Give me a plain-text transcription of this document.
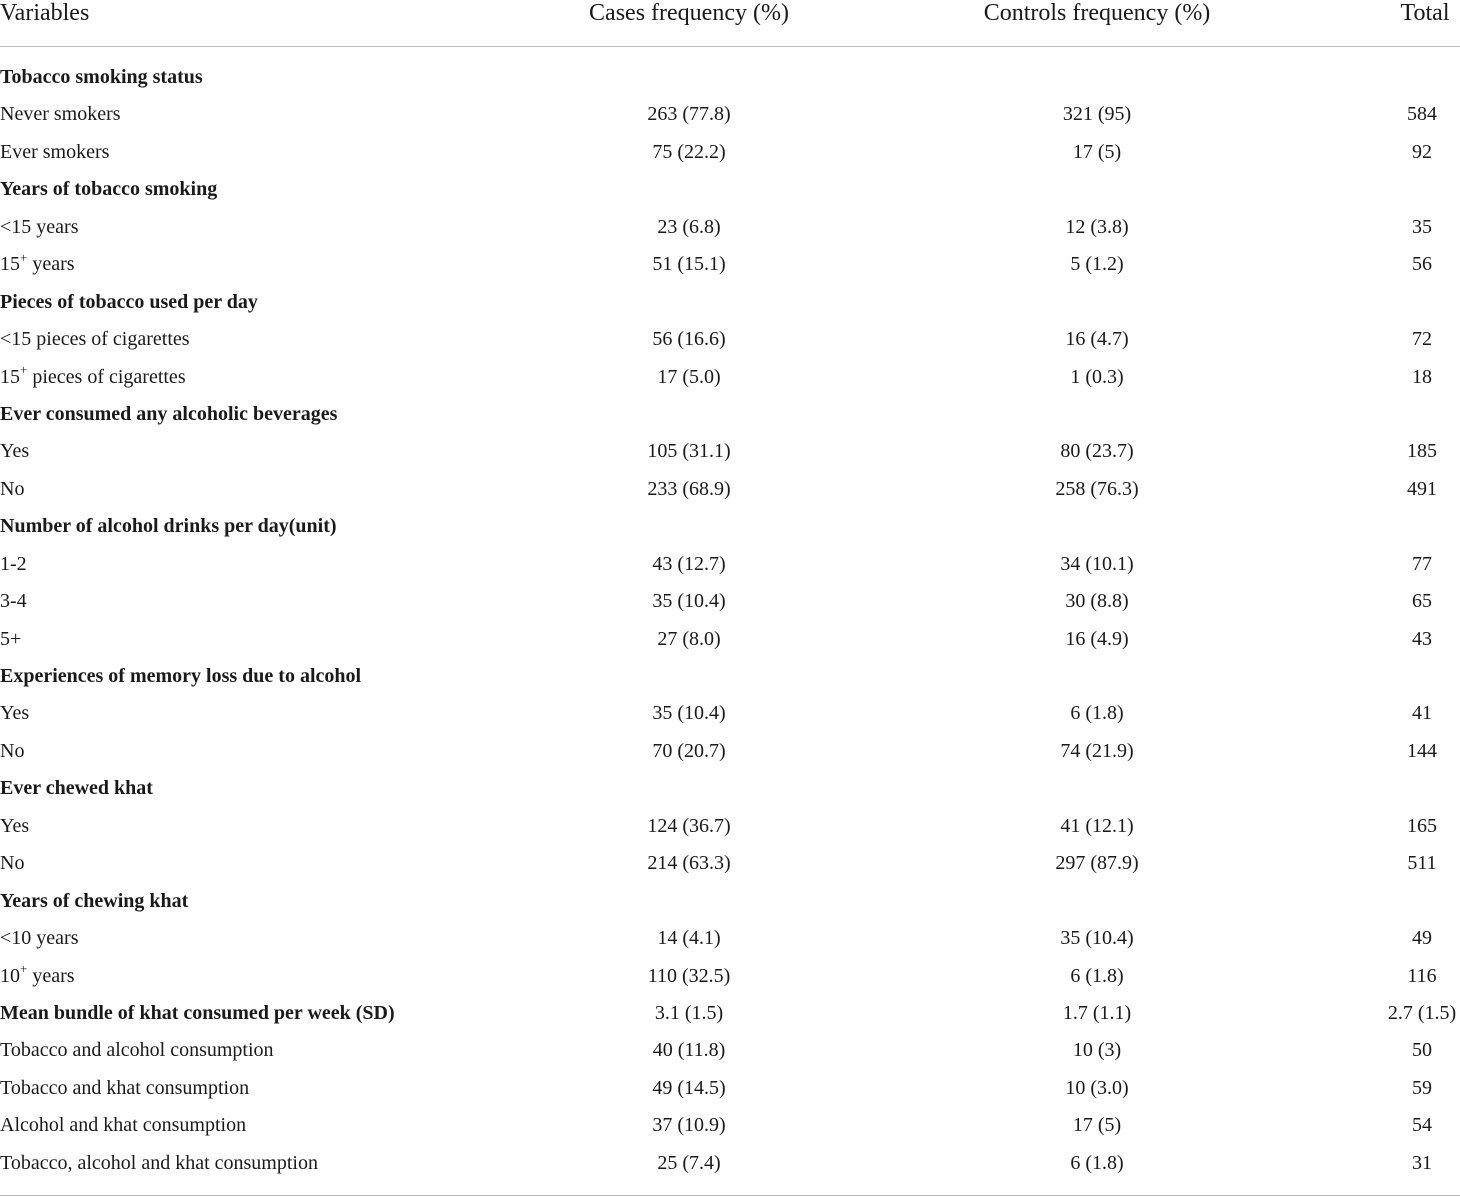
Variables	Cases frequency (%)	Controls frequency (%)	Total
Tobacco smoking status
Never smokers	263 (77.8)	321 (95)	584
Ever smokers	75 (22.2)	17 (5)	92
Years of tobacco smoking
<15 years	23 (6.8)	12 (3.8)	35
15+ years	51 (15.1)	5 (1.2)	56
Pieces of tobacco used per day
<15 pieces of cigarettes	56 (16.6)	16 (4.7)	72
15+ pieces of cigarettes	17 (5.0)	1 (0.3)	18
Ever consumed any alcoholic beverages
Yes	105 (31.1)	80 (23.7)	185
No	233 (68.9)	258 (76.3)	491
Number of alcohol drinks per day(unit)
1-2	43 (12.7)	34 (10.1)	77
3-4	35 (10.4)	30 (8.8)	65
5+	27 (8.0)	16 (4.9)	43
Experiences of memory loss due to alcohol
Yes	35 (10.4)	6 (1.8)	41
No	70 (20.7)	74 (21.9)	144
Ever chewed khat
Yes	124 (36.7)	41 (12.1)	165
No	214 (63.3)	297 (87.9)	511
Years of chewing khat
<10 years	14 (4.1)	35 (10.4)	49
10+ years	110 (32.5)	6 (1.8)	116
Mean bundle of khat consumed per week (SD)	3.1 (1.5)	1.7 (1.1)	2.7 (1.5)
Tobacco and alcohol consumption	40 (11.8)	10 (3)	50
Tobacco and khat consumption	49 (14.5)	10 (3.0)	59
Alcohol and khat consumption	37 (10.9)	17 (5)	54
Tobacco, alcohol and khat consumption	25 (7.4)	6 (1.8)	31
